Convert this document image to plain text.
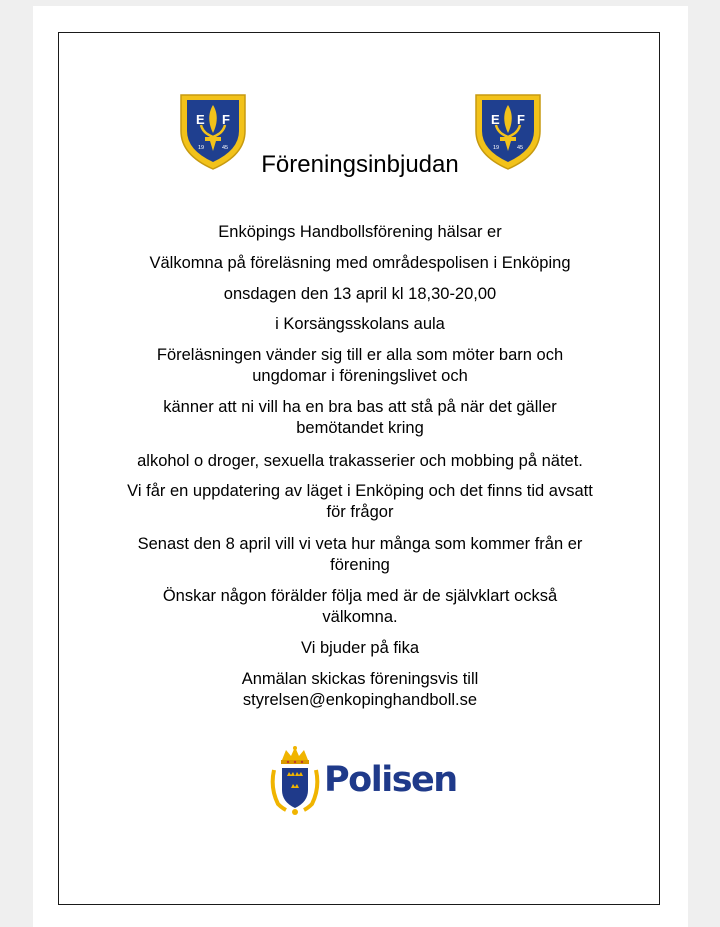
E F
19	45
E F
19	45
Föreningsinbjudan
Enköpings Handbollsförening hälsar er
Välkomna på föreläsning med områdespolisen i Enköping
onsdagen den 13 april kl 18,30-20,00
i Korsängsskolans aula
Föreläsningen vänder sig till er alla som möter barn och
ungdomar i föreningslivet och
känner att ni vill ha en bra bas att stå på när det gäller
bemötandet kring
alkohol o droger, sexuella trakasserier och mobbing på nätet.
Vi får en uppdatering av läget i Enköping och det finns tid avsatt
för frågor
Senast den 8 april vill vi veta hur många som kommer från er
förening
Önskar någon förälder följa med är de självklart också
välkomna.
Vi bjuder på fika
Anmälan skickas föreningsvis till
styrelsen@enkopinghandboll.se
Polisen
